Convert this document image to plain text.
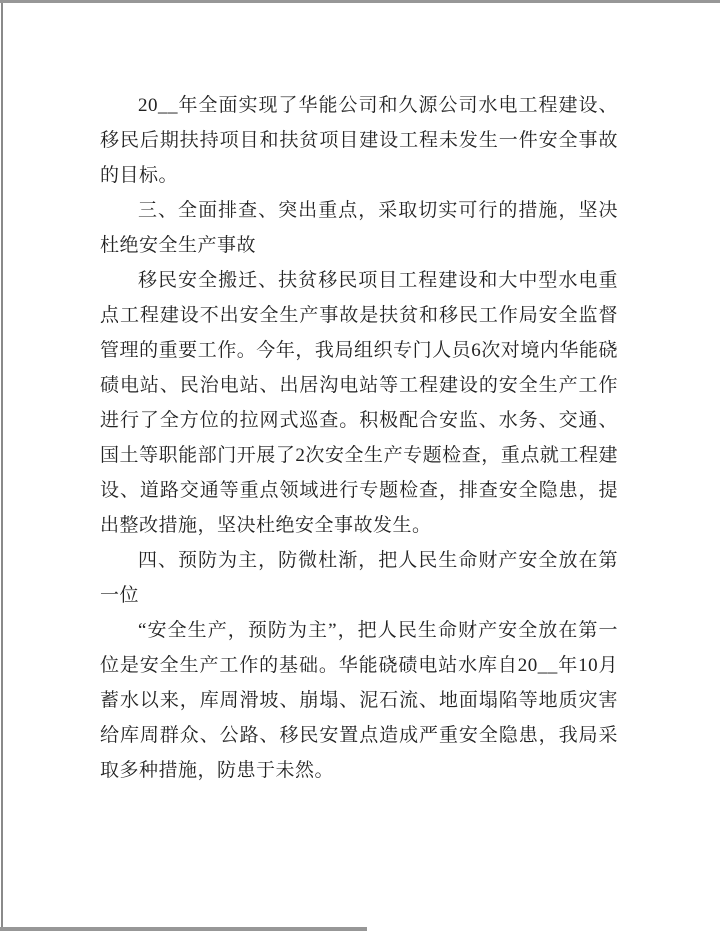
20__年全面实现了华能公司和久源公司水电工程建设、移民后期扶持项目和扶贫项目建设工程未发生一件安全事故的目标。

三、全面排查、突出重点，采取切实可行的措施，坚决杜绝安全生产事故

移民安全搬迁、扶贫移民项目工程建设和大中型水电重点工程建设不出安全生产事故是扶贫和移民工作局安全监督管理的重要工作。今年，我局组织专门人员6次对境内华能硗碛电站、民治电站、出居沟电站等工程建设的安全生产工作进行了全方位的拉网式巡查。积极配合安监、水务、交通、国土等职能部门开展了2次安全生产专题检查，重点就工程建设、道路交通等重点领域进行专题检查，排查安全隐患，提出整改措施，坚决杜绝安全事故发生。

四、预防为主，防微杜渐，把人民生命财产安全放在第一位

“安全生产，预防为主”，把人民生命财产安全放在第一位是安全生产工作的基础。华能硗碛电站水库自20__年10月蓄水以来，库周滑坡、崩塌、泥石流、地面塌陷等地质灾害给库周群众、公路、移民安置点造成严重安全隐患，我局采取多种措施，防患于未然。
